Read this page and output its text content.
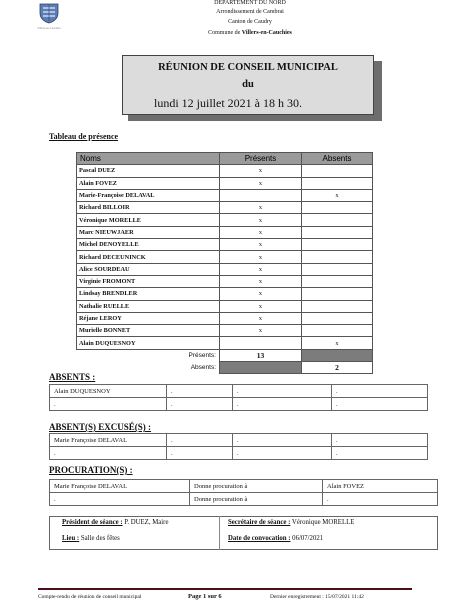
Villers-en-Cauchies
DÉPARTEMENT DU NORD
Arrondissement de Cambrai
Canton de Caudry
Commune de Villers-en-Cauchies
RÉUNION DE CONSEIL MUNICIPAL
du
lundi 12 juillet 2021 à 18 h 30.
Tableau de présence
Noms	Présents	Absents
Pascal DUEZ	x	
Alain FOVEZ	x	
Marie-Françoise DELAVAL		x
Richard BILLOIR	x	
Véronique MORELLE	x	
Marc NIEUWJAER	x	
Michel DENOYELLE	x	
Richard DECEUNINCK	x	
Alice SOURDEAU	x	
Virginie FROMONT	x	
Lindsay BRENDLER	x	
Nathalie RUELLE	x	
Réjane LEROY	x	
Murielle BONNET	x	
Alain DUQUESNOY		x
Présents:	13	
Absents:		2
ABSENTS :
Alain DUQUESNOY	.	.	.
.	.	.	.
ABSENT(S) EXCUSÉ(S) :
Marie Françoise DELAVAL	.	.	.
.	.	.	.
PROCURATION(S) :
Marie Françoise DELAVAL	Donne procuration à	Alain FOVEZ
.	Donne procuration à	.
Président de séance : P. DUEZ, Maire	Secrétaire de séance : Véronique MORELLE
Lieu : Salle des fêtes	Date de convocation : 06/07/2021
Compte-rendu de réunion de conseil municipal	Page 1 sur 6	Dernier enregistrement : 15/07/2021 11:42
